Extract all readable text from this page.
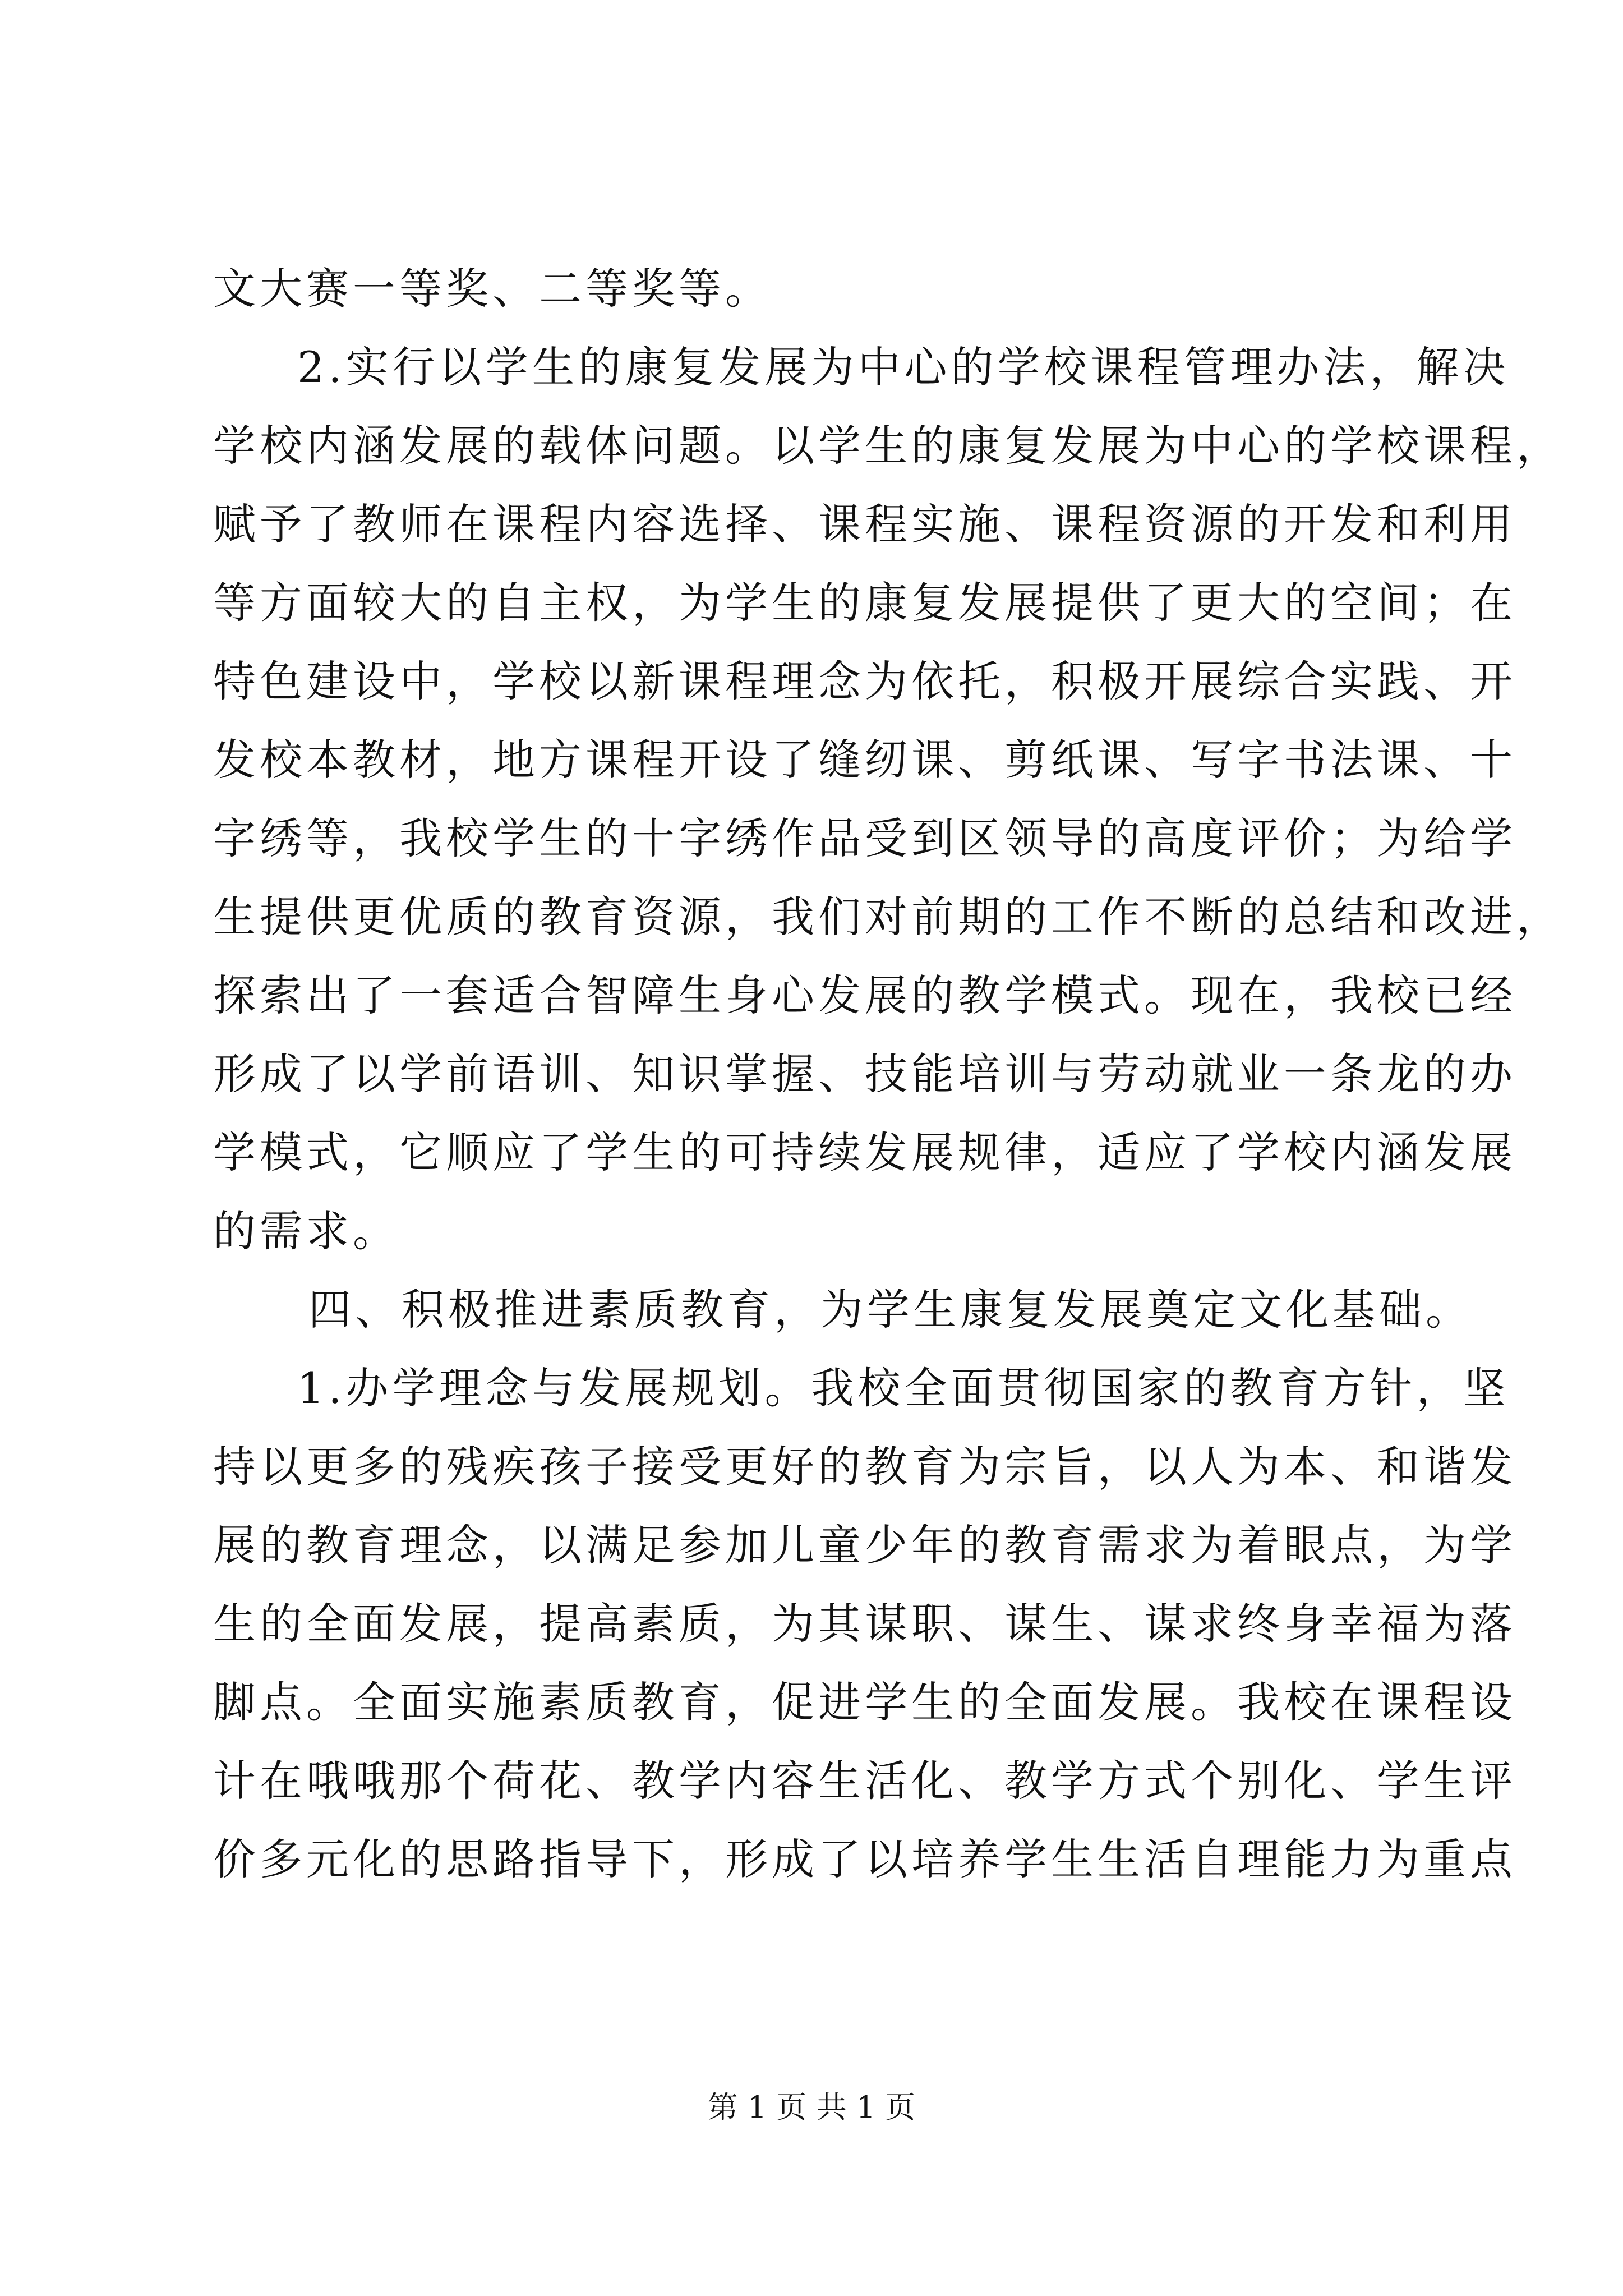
文大赛一等奖、二等奖等。
2.实行以学生的康复发展为中心的学校课程管理办法，解决
学校内涵发展的载体问题。以学生的康复发展为中心的学校课程，
赋予了教师在课程内容选择、课程实施、课程资源的开发和利用
等方面较大的自主权，为学生的康复发展提供了更大的空间；在
特色建设中，学校以新课程理念为依托，积极开展综合实践、开
发校本教材，地方课程开设了缝纫课、剪纸课、写字书法课、十
字绣等，我校学生的十字绣作品受到区领导的高度评价；为给学
生提供更优质的教育资源，我们对前期的工作不断的总结和改进，
探索出了一套适合智障生身心发展的教学模式。现在，我校已经
形成了以学前语训、知识掌握、技能培训与劳动就业一条龙的办
学模式，它顺应了学生的可持续发展规律，适应了学校内涵发展
的需求。
四、积极推进素质教育，为学生康复发展奠定文化基础。
1.办学理念与发展规划。我校全面贯彻国家的教育方针，坚
持以更多的残疾孩子接受更好的教育为宗旨，以人为本、和谐发
展的教育理念，以满足参加儿童少年的教育需求为着眼点，为学
生的全面发展，提高素质，为其谋职、谋生、谋求终身幸福为落
脚点。全面实施素质教育，促进学生的全面发展。我校在课程设
计在哦哦那个荷花、教学内容生活化、教学方式个别化、学生评
价多元化的思路指导下，形成了以培养学生生活自理能力为重点
第 1 页 共 1 页
